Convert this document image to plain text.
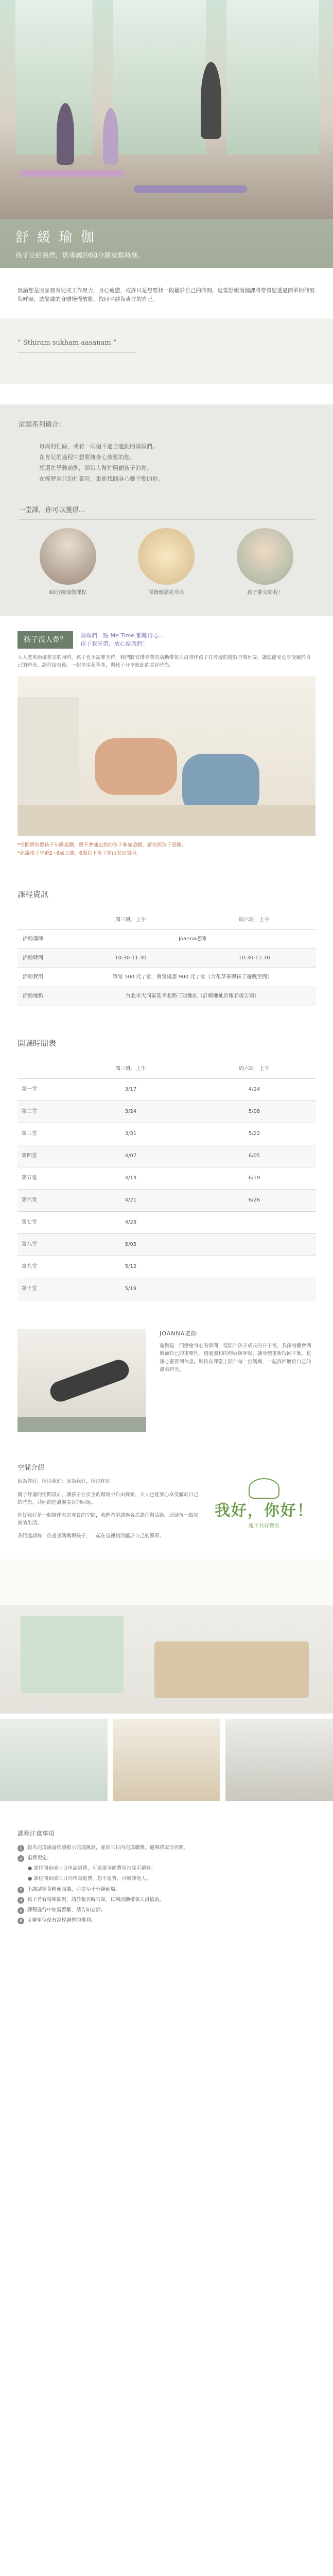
舒 緩 瑜 伽
孩子交給我們，您專屬的60分鐘放鬆時刻。

無論您是因家務育兒或工作壓力，身心疲憊，或許只是想要找一段屬於自己的時間，這堂舒緩瑜伽課將帶領您透過簡單的伸展與呼吸，讓緊繃的身體慢慢放鬆，找回平靜與專注的自己。

“ Sthiram sukham aasanam ”
這類系列適合：
每周的忙碌，或有一兩個不適合運動的媽媽們。
在育兒的過程中想要讓身心放鬆的您。
想還在學動瑜伽，卻沒人幫忙照顧孩子的你。
在經歷育兒的忙累時，重新找回身心靈平衡的你。
一堂課，你可以獲得...
60分鐘瑜伽課程	課後輕鬆花草茶	孩子都交給我！
孩子沒人帶？	媽媽們一點 Me Time 都難得心...
孩子我來帶，放心給我們！

大人進來瑜伽教室的同時，孩子也不需要等待，我們將安排專業的活動帶領人員陪伴孩子在旁邊的遊戲空間玩耍，讓您能安心享受屬於自己的時光。課程結束後，一起享用花草茶，與孩子分享彼此的美好時光。

*空間將依照孩子年齡規劃，將不會強迫您的孩子參加遊戲，請依照孩子意願。
*建議孩子年齡2~6歲之間，6歲以下孩子需由家長陪同。
課程資訊
	周三班．上午	周六班．上午
活動講師	Joanna老師	
活動時間	10:30-11:30	10:30-11:30
活動費用	單堂 500 元 / 堂，兩堂優惠 900 元 / 堂（含花草茶與孩子遊戲空間）	
活動地點	台北市大同區延平北路三段地址（詳細地址於報名後告知）	
開課時間表
	周三班．上午	周六班．上午
第一堂	3/17	4/24
第二堂	3/24	5/08
第三堂	3/31	5/22
第四堂	4/07	6/05
第五堂	4/14	6/19
第六堂	4/21	6/26
第七堂	4/28	
第八堂	5/05	
第九堂	5/12	
第十堂	5/19	
JOANNA老師

瑜伽是一門療癒身心的學問，從陪伴孩子成長的日子裡，我深刻體會到照顧自己的重要性。透過溫和的伸展與呼吸，讓身體重新找回平衡，也讓心靈得到休息。期待在課堂上陪伴每一位媽媽，一起找回屬於自己的溫柔時光。

空間介紹

因為你好，所以我好；因為我好，所以你好。

親子舒適的空間設計，讓孩子在安全的環境中自由探索，大人也能放心享受屬於自己的時光，共同創造溫馨美好的回憶。

你好我好是一個陪伴家庭成長的空間，我們希望透過各式課程與活動，連結每一個家庭的生活。

我們邀請每一位爸爸媽媽與孩子，一起在這裡找到屬於自己的節奏。

我好，你好！
親子共好教室
課程注意事項
1	報名完成後請依照指示完成匯款，並於三日內完成繳費，逾期將取消名額。
2	退費規定：
● 課程開始前七日申請退費，可退還全額費用扣除手續費。
● 課程開始前三日內申請退費，恕不退費，可轉讓他人。
3	上課請穿著輕便服裝，並提早十分鐘到場。
4	孩子若有特殊狀況，請於報名時告知，以利活動帶領人員協助。
5	課程進行中如需暫離，請告知老師。
6	主辦單位保有課程調整的權利。
